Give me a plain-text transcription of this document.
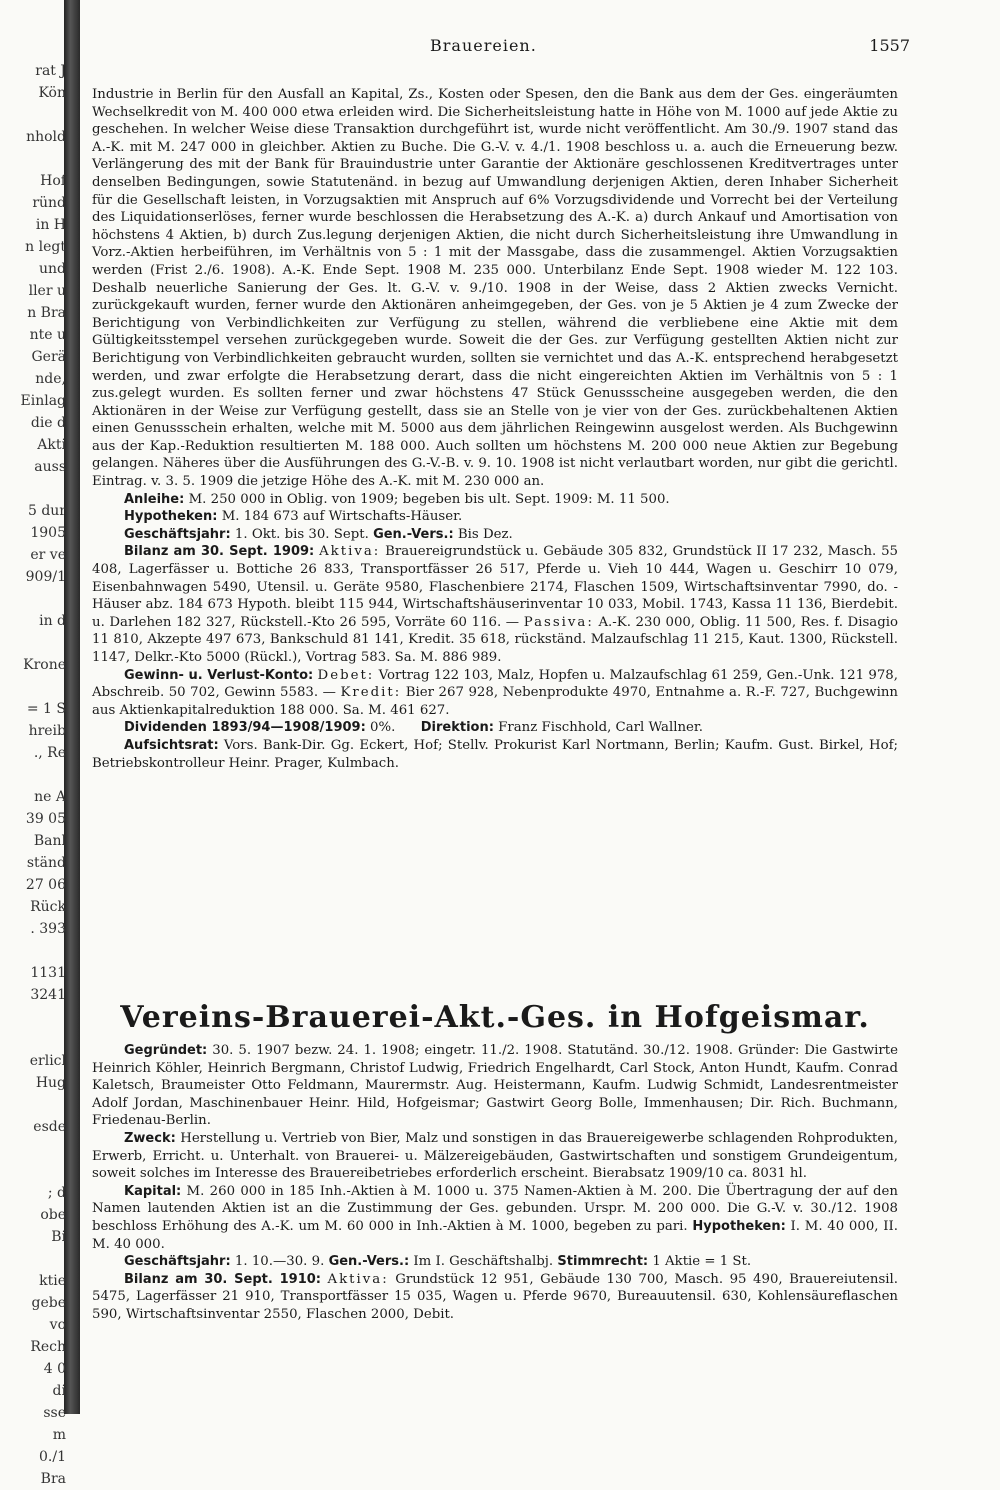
rat J
Kön

nhold

Hof
ründ
in H
n legt
und
ller u
n Bra
nte u
Gerä
nde,
Einlag
die d
Akti
auss

5 dur
1905
er ve
909/1

in d

Krone

= 1 S
hreib
., Re

ne A
39 05
Banl
ständ
27 06
Rück
. 393

1131
3241

erlicl
Hug

esde

; d
obe
Bi

ktie
gebe
vo
Rech
4 0
di
sse
m
0./1
Bra
Brauereien.	1557

Industrie in Berlin für den Ausfall an Kapital, Zs., Kosten oder Spesen, den die Bank aus dem der Ges. eingeräumten Wechselkredit von M. 400 000 etwa erleiden wird. Die Sicherheitsleistung hatte in Höhe von M. 1000 auf jede Aktie zu geschehen. In welcher Weise diese Transaktion durchgeführt ist, wurde nicht veröffentlicht. Am 30./9. 1907 stand das A.-K. mit M. 247 000 in gleichber. Aktien zu Buche. Die G.-V. v. 4./1. 1908 beschloss u. a. auch die Erneuerung bezw. Verlängerung des mit der Bank für Brauindustrie unter Garantie der Aktionäre geschlossenen Kreditvertrages unter denselben Bedingungen, sowie Statutenänd. in bezug auf Umwandlung derjenigen Aktien, deren Inhaber Sicherheit für die Gesellschaft leisten, in Vorzugsaktien mit Anspruch auf 6% Vorzugsdividende und Vorrecht bei der Verteilung des Liquidationserlöses, ferner wurde beschlossen die Herabsetzung des A.-K. a) durch Ankauf und Amortisation von höchstens 4 Aktien, b) durch Zus.legung derjenigen Aktien, die nicht durch Sicherheitsleistung ihre Umwandlung in Vorz.-Aktien herbeiführen, im Verhältnis von 5 : 1 mit der Massgabe, dass die zusammengel. Aktien Vorzugsaktien werden (Frist 2./6. 1908). A.-K. Ende Sept. 1908 M. 235 000. Unterbilanz Ende Sept. 1908 wieder M. 122 103. Deshalb neuerliche Sanierung der Ges. lt. G.-V. v. 9./10. 1908 in der Weise, dass 2 Aktien zwecks Vernicht. zurückgekauft wurden, ferner wurde den Aktionären anheimgegeben, der Ges. von je 5 Aktien je 4 zum Zwecke der Berichtigung von Verbindlichkeiten zur Verfügung zu stellen, während die verbliebene eine Aktie mit dem Gültigkeitsstempel versehen zurückgegeben wurde. Soweit die der Ges. zur Verfügung gestellten Aktien nicht zur Berichtigung von Verbindlichkeiten gebraucht wurden, sollten sie vernichtet und das A.-K. entsprechend herabgesetzt werden, und zwar erfolgte die Herabsetzung derart, dass die nicht eingereichten Aktien im Verhältnis von 5 : 1 zus.gelegt wurden. Es sollten ferner und zwar höchstens 47 Stück Genussscheine ausgegeben werden, die den Aktionären in der Weise zur Verfügung gestellt, dass sie an Stelle von je vier von der Ges. zurückbehaltenen Aktien einen Genussschein erhalten, welche mit M. 5000 aus dem jährlichen Reingewinn ausgelost werden. Als Buchgewinn aus der Kap.-Reduktion resultierten M. 188 000. Auch sollten um höchstens M. 200 000 neue Aktien zur Begebung gelangen. Näheres über die Ausführungen des G.-V.-B. v. 9. 10. 1908 ist nicht verlautbart worden, nur gibt die gerichtl. Eintrag. v. 3. 5. 1909 die jetzige Höhe des A.-K. mit M. 230 000 an.

Anleihe: M. 250 000 in Oblig. von 1909; begeben bis ult. Sept. 1909: M. 11 500.

Hypotheken: M. 184 673 auf Wirtschafts-Häuser.

Geschäftsjahr: 1. Okt. bis 30. Sept. Gen.-Vers.: Bis Dez.

Bilanz am 30. Sept. 1909: Aktiva: Brauereigrundstück u. Gebäude 305 832, Grundstück II 17 232, Masch. 55 408, Lagerfässer u. Bottiche 26 833, Transportfässer 26 517, Pferde u. Vieh 10 444, Wagen u. Geschirr 10 079, Eisenbahnwagen 5490, Utensil. u. Geräte 9580, Flaschenbiere 2174, Flaschen 1509, Wirtschaftsinventar 7990, do. -Häuser abz. 184 673 Hypoth. bleibt 115 944, Wirtschaftshäuserinventar 10 033, Mobil. 1743, Kassa 11 136, Bierdebit. u. Darlehen 182 327, Rückstell.-Kto 26 595, Vorräte 60 116. — Passiva: A.-K. 230 000, Oblig. 11 500, Res. f. Disagio 11 810, Akzepte 497 673, Bankschuld 81 141, Kredit. 35 618, rückständ. Malzaufschlag 11 215, Kaut. 1300, Rückstell. 1147, Delkr.-Kto 5000 (Rückl.), Vortrag 583. Sa. M. 886 989.

Gewinn- u. Verlust-Konto: Debet: Vortrag 122 103, Malz, Hopfen u. Malzaufschlag 61 259, Gen.-Unk. 121 978, Abschreib. 50 702, Gewinn 5583. — Kredit: Bier 267 928, Nebenprodukte 4970, Entnahme a. R.-F. 727, Buchgewinn aus Aktienkapitalreduktion 188 000. Sa. M. 461 627.

Dividenden 1893/94—1908/1909: 0%. Direktion: Franz Fischhold, Carl Wallner.

Aufsichtsrat: Vors. Bank-Dir. Gg. Eckert, Hof; Stellv. Prokurist Karl Nortmann, Berlin; Kaufm. Gust. Birkel, Hof; Betriebskontrolleur Heinr. Prager, Kulmbach.

Vereins-Brauerei-Akt.-Ges. in Hofgeismar.

Gegründet: 30. 5. 1907 bezw. 24. 1. 1908; eingetr. 11./2. 1908. Statutänd. 30./12. 1908. Gründer: Die Gastwirte Heinrich Köhler, Heinrich Bergmann, Christof Ludwig, Friedrich Engelhardt, Carl Stock, Anton Hundt, Kaufm. Conrad Kaletsch, Braumeister Otto Feldmann, Maurermstr. Aug. Heistermann, Kaufm. Ludwig Schmidt, Landesrentmeister Adolf Jordan, Maschinenbauer Heinr. Hild, Hofgeismar; Gastwirt Georg Bolle, Immenhausen; Dir. Rich. Buchmann, Friedenau-Berlin.

Zweck: Herstellung u. Vertrieb von Bier, Malz und sonstigen in das Brauereigewerbe schlagenden Rohprodukten, Erwerb, Erricht. u. Unterhalt. von Brauerei- u. Mälzereigebäuden, Gastwirtschaften und sonstigem Grundeigentum, soweit solches im Interesse des Brauereibetriebes erforderlich erscheint. Bierabsatz 1909/10 ca. 8031 hl.

Kapital: M. 260 000 in 185 Inh.-Aktien à M. 1000 u. 375 Namen-Aktien à M. 200. Die Übertragung der auf den Namen lautenden Aktien ist an die Zustimmung der Ges. gebunden. Urspr. M. 200 000. Die G.-V. v. 30./12. 1908 beschloss Erhöhung des A.-K. um M. 60 000 in Inh.-Aktien à M. 1000, begeben zu pari. Hypotheken: I. M. 40 000, II. M. 40 000.

Geschäftsjahr: 1. 10.—30. 9. Gen.-Vers.: Im I. Geschäftshalbj. Stimmrecht: 1 Aktie = 1 St.

Bilanz am 30. Sept. 1910: Aktiva: Grundstück 12 951, Gebäude 130 700, Masch. 95 490, Brauereiutensil. 5475, Lagerfässer 21 910, Transportfässer 15 035, Wagen u. Pferde 9670, Bureauutensil. 630, Kohlensäureflaschen 590, Wirtschaftsinventar 2550, Flaschen 2000, Debit.
